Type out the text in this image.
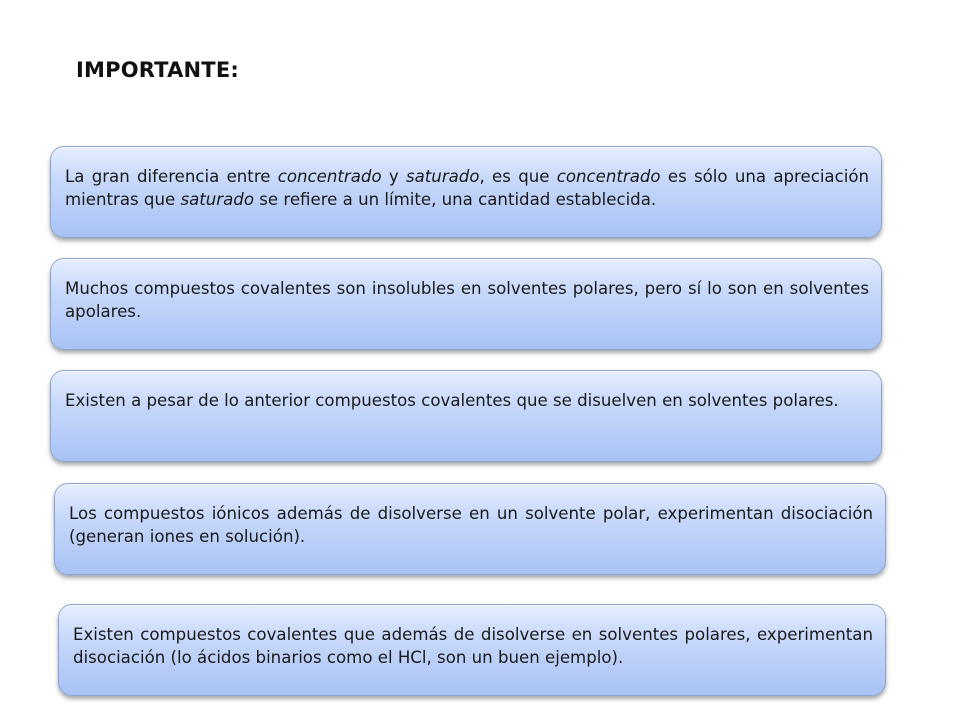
IMPORTANTE:
La gran diferencia entre concentrado y saturado, es que concentrado es sólo una apreciación mientras que saturado se refiere a un límite, una cantidad establecida.
Muchos compuestos covalentes son insolubles en solventes polares, pero sí lo son en solventes apolares.
Existen a pesar de lo anterior compuestos covalentes que se disuelven en solventes polares.
Los compuestos iónicos además de disolverse en un solvente polar, experimentan disociación (generan iones en solución).
Existen compuestos covalentes que además de disolverse en solventes polares, experimentan disociación (lo ácidos binarios como el HCl, son un buen ejemplo).
